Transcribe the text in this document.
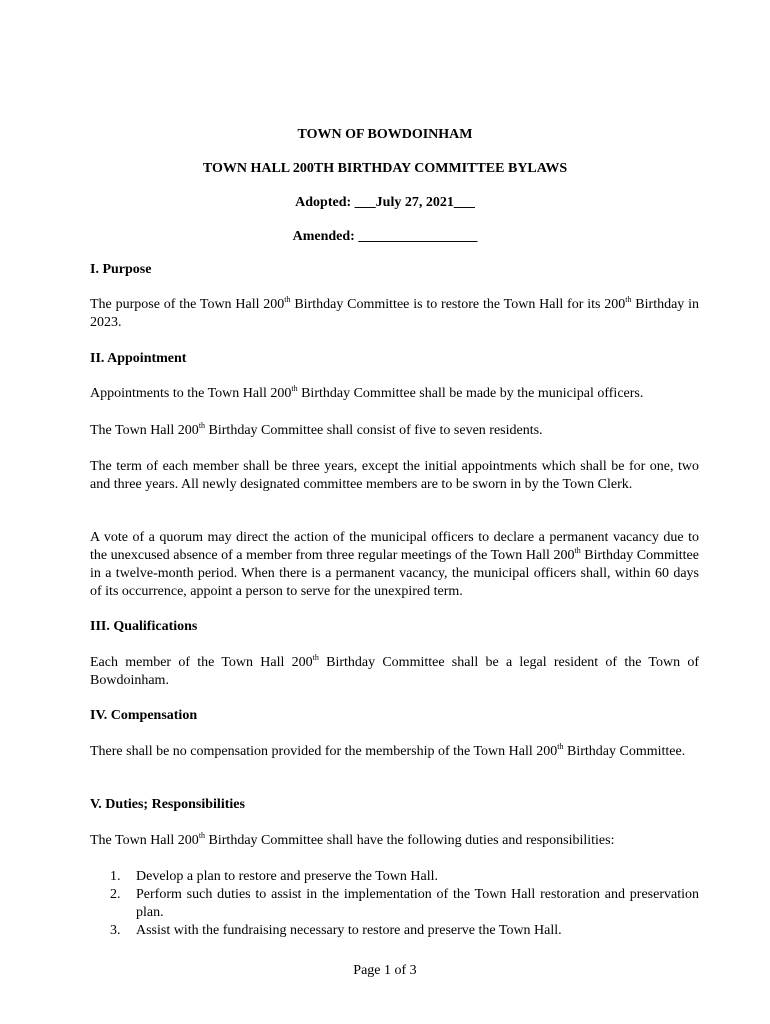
TOWN OF BOWDOINHAM
TOWN HALL 200TH BIRTHDAY COMMITTEE BYLAWS
Adopted: ___July 27, 2021___
Amended: _________________
I. Purpose
The purpose of the Town Hall 200th Birthday Committee is to restore the Town Hall for its 200th Birthday in 2023.
II. Appointment
Appointments to the Town Hall 200th Birthday Committee shall be made by the municipal officers.
The Town Hall 200th Birthday Committee shall consist of five to seven residents.
The term of each member shall be three years, except the initial appointments which shall be for one, two and three years. All newly designated committee members are to be sworn in by the Town Clerk.
A vote of a quorum may direct the action of the municipal officers to declare a permanent vacancy due to the unexcused absence of a member from three regular meetings of the Town Hall 200th Birthday Committee in a twelve-month period. When there is a permanent vacancy, the municipal officers shall, within 60 days of its occurrence, appoint a person to serve for the unexpired term.
III. Qualifications
Each member of the Town Hall 200th Birthday Committee shall be a legal resident of the Town of Bowdoinham.
IV. Compensation
There shall be no compensation provided for the membership of the Town Hall 200th Birthday Committee.
V. Duties; Responsibilities
The Town Hall 200th Birthday Committee shall have the following duties and responsibilities:
1.	Develop a plan to restore and preserve the Town Hall.
2.	Perform such duties to assist in the implementation of the Town Hall restoration and preservation plan.
3.	Assist with the fundraising necessary to restore and preserve the Town Hall.
Page 1 of 3
